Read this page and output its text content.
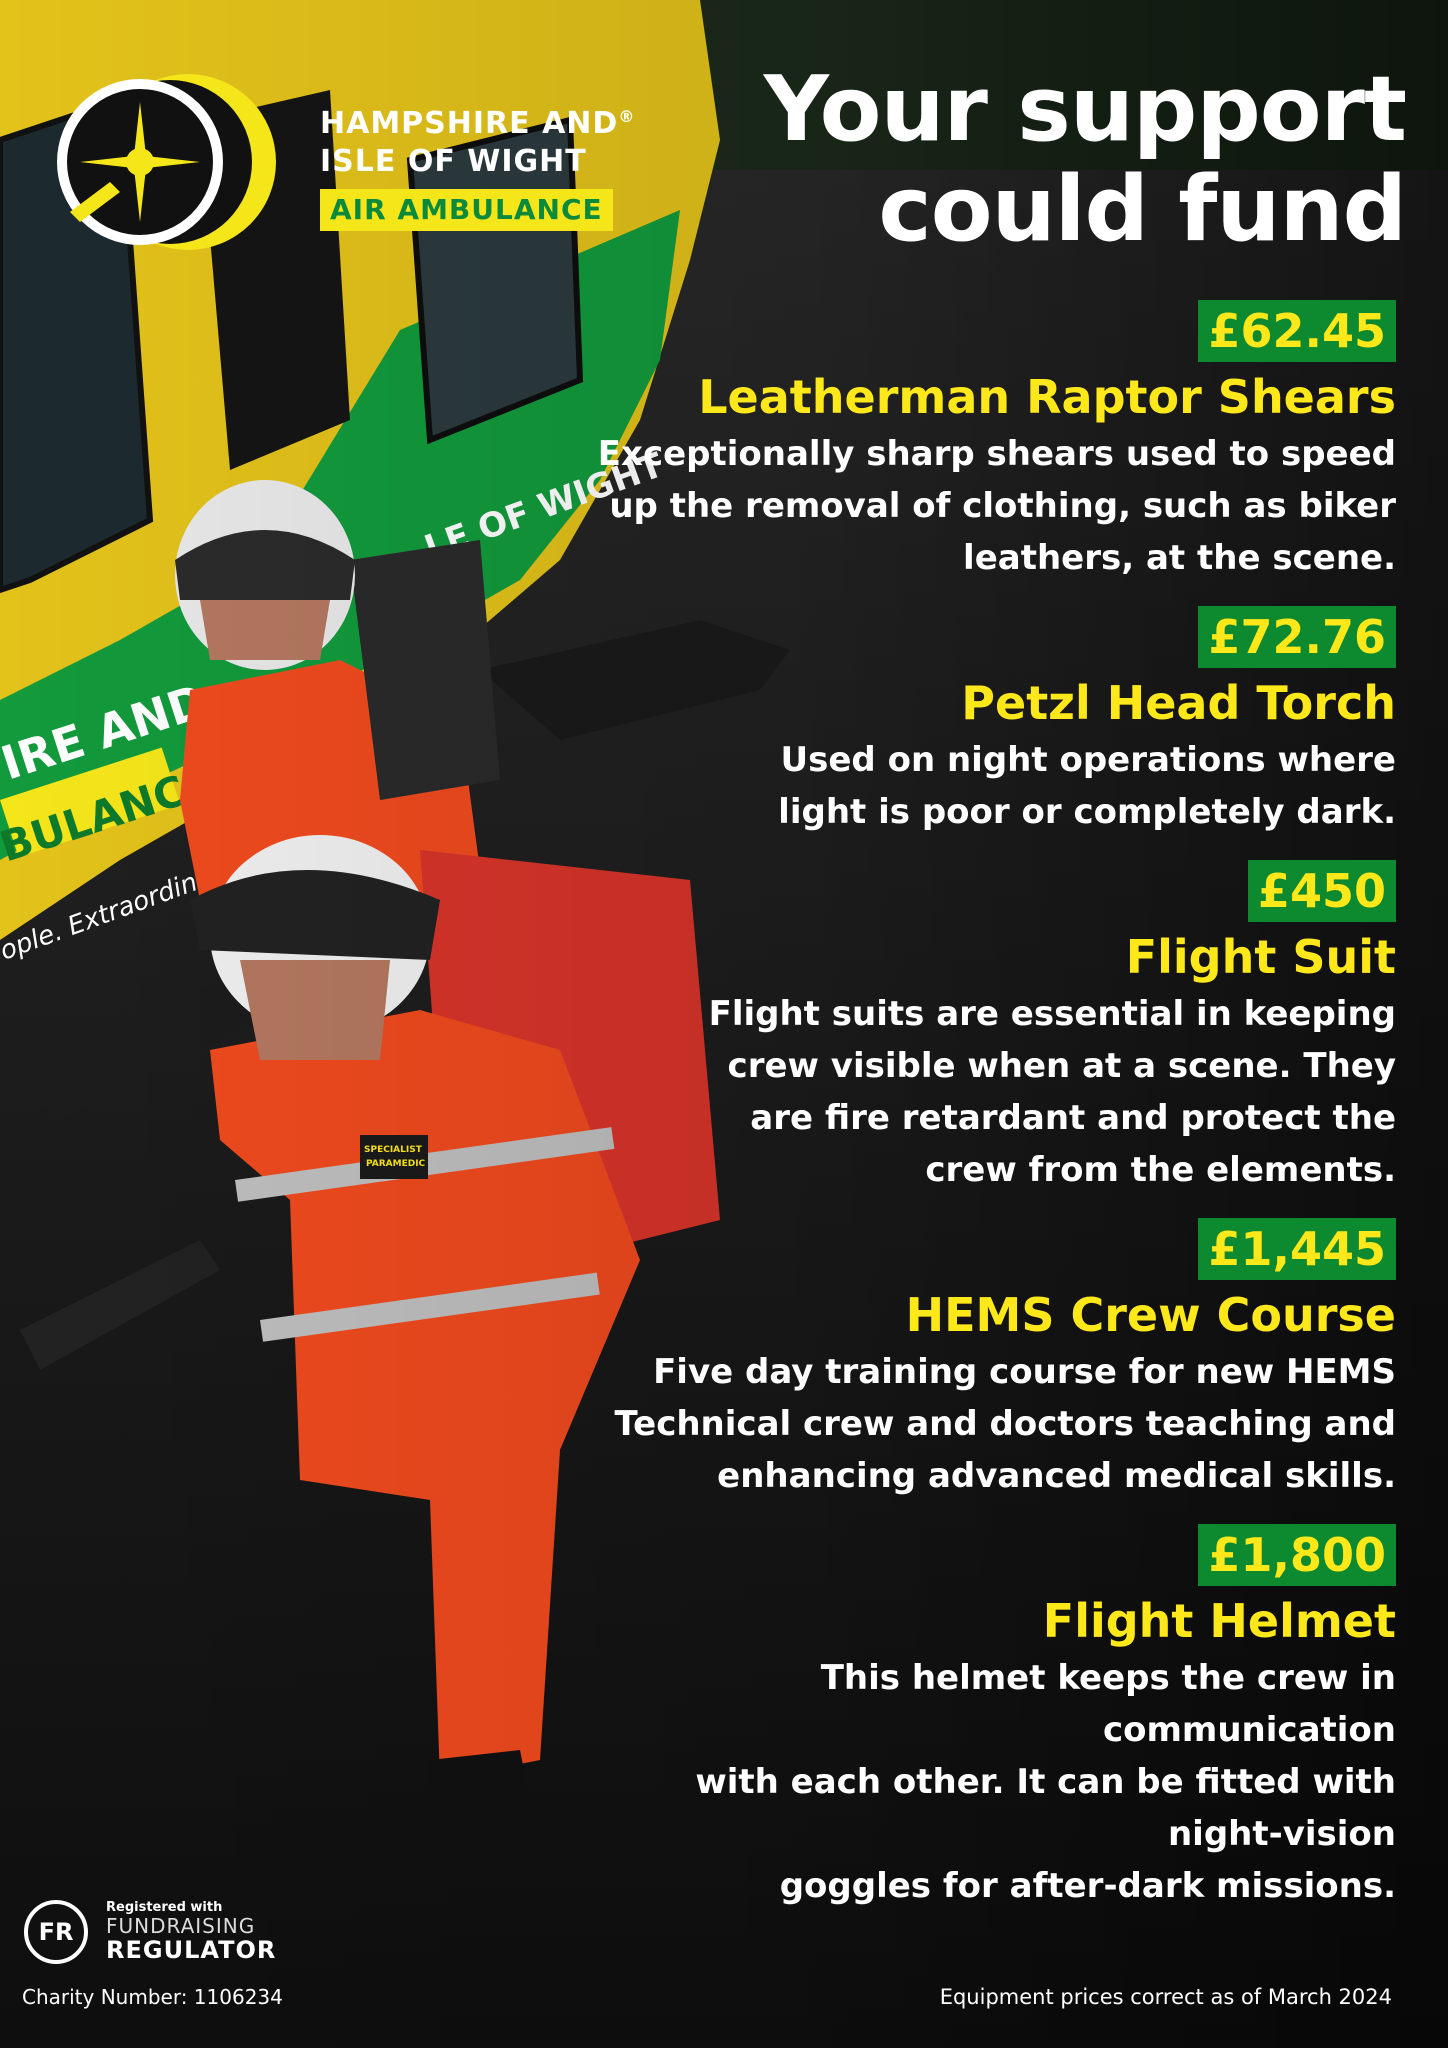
HAMPSHIRE AND®
ISLE OF WIGHT
AIR AMBULANCE
Your support
could fund
£62.45
Leatherman Raptor Shears
Exceptionally sharp shears used to speed
up the removal of clothing, such as biker
leathers, at the scene.
£72.76
Petzl Head Torch
Used on night operations where
light is poor or completely dark.
£450
Flight Suit
Flight suits are essential in keeping
crew visible when at a scene. They
are fire retardant and protect the
crew from the elements.
£1,445
HEMS Crew Course
Five day training course for new HEMS
Technical crew and doctors teaching and
enhancing advanced medical skills.
£1,800
Flight Helmet
This helmet keeps the crew in communication
with each other. It can be fitted with night-vision
goggles for after-dark missions.
FR
Registered with
FUNDRAISING
REGULATOR
Charity Number: 1106234	Equipment prices correct as of March 2024
